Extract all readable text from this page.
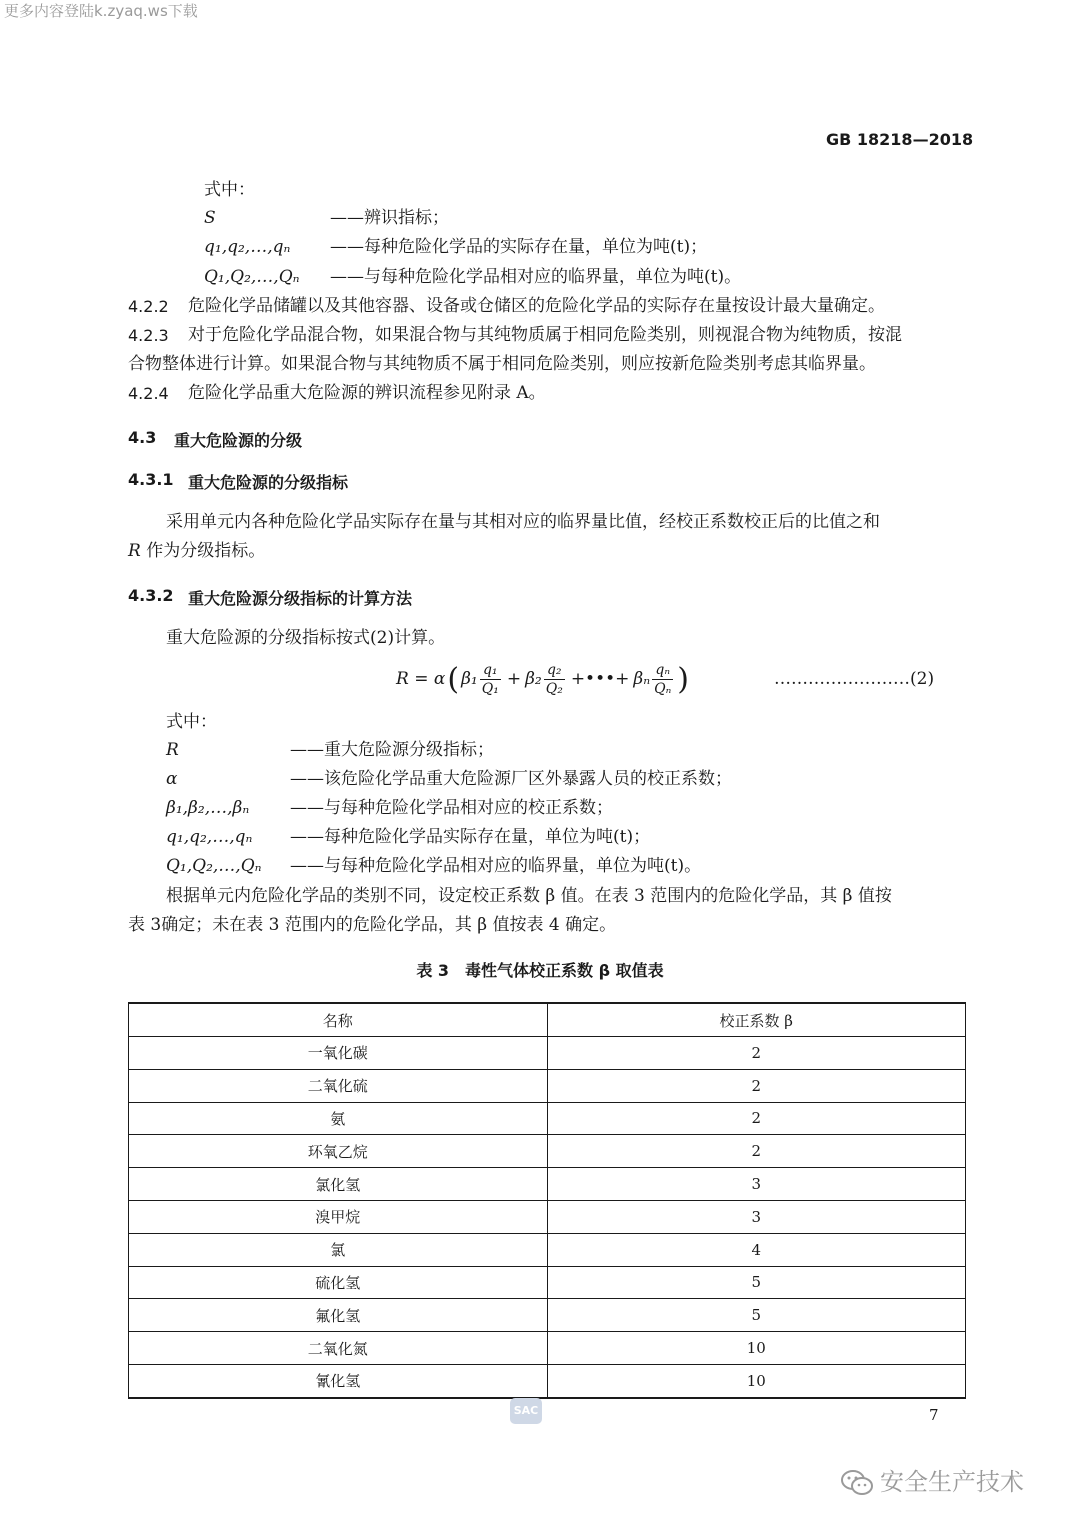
更多内容登陆k.zyaq.ws下载
GB 18218—2018
式中：
S	——辨识指标；
q₁,q₂,…,qₙ ——每种危险化学品的实际存在量，单位为吨(t)；
Q₁,Q₂,…,Qₙ ——与每种危险化学品相对应的临界量，单位为吨(t)。
4.2.2 危险化学品储罐以及其他容器、设备或仓储区的危险化学品的实际存在量按设计最大量确定。
4.2.3 对于危险化学品混合物，如果混合物与其纯物质属于相同危险类别，则视混合物为纯物质，按混
合物整体进行计算。如果混合物与其纯物质不属于相同危险类别，则应按新危险类别考虑其临界量。
4.2.4 危险化学品重大危险源的辨识流程参见附录 A。
4.3 重大危险源的分级
4.3.1 重大危险源的分级指标
采用单元内各种危险化学品实际存在量与其相对应的临界量比值，经校正系数校正后的比值之和
R 作为分级指标。
4.3.2 重大危险源分级指标的计算方法
重大危险源的分级指标按式(2)计算。
R = α ( $\beta_1 \frac{\text{q₁}}{\text{Q₁}} + \beta_2 \frac{\text{q₂}}{\text{Q₂}}$ +•••+ βₙ $\frac{\text{qₙ}}{\text{Qₙ}}$ )	……………………(2)
式中：
R	——重大危险源分级指标；
α	——该危险化学品重大危险源厂区外暴露人员的校正系数；
β₁,β₂,…,βₙ ——与每种危险化学品相对应的校正系数；
q₁,q₂,…,qₙ ——每种危险化学品实际存在量，单位为吨(t)；
Q₁,Q₂,…,Qₙ ——与每种危险化学品相对应的临界量，单位为吨(t)。
根据单元内危险化学品的类别不同，设定校正系数 β 值。在表 3 范围内的危险化学品，其 β 值按
表 3确定；未在表 3 范围内的危险化学品，其 β 值按表 4 确定。
表 3　毒性气体校正系数 β 取值表
名称	校正系数 β
一氧化碳	2
二氧化硫	2
氨	2
环氧乙烷	2
氯化氢	3
溴甲烷	3
氯	4
硫化氢	5
氟化氢	5
二氧化氮	10
氰化氢	10
SAC	7
安全生产技术
